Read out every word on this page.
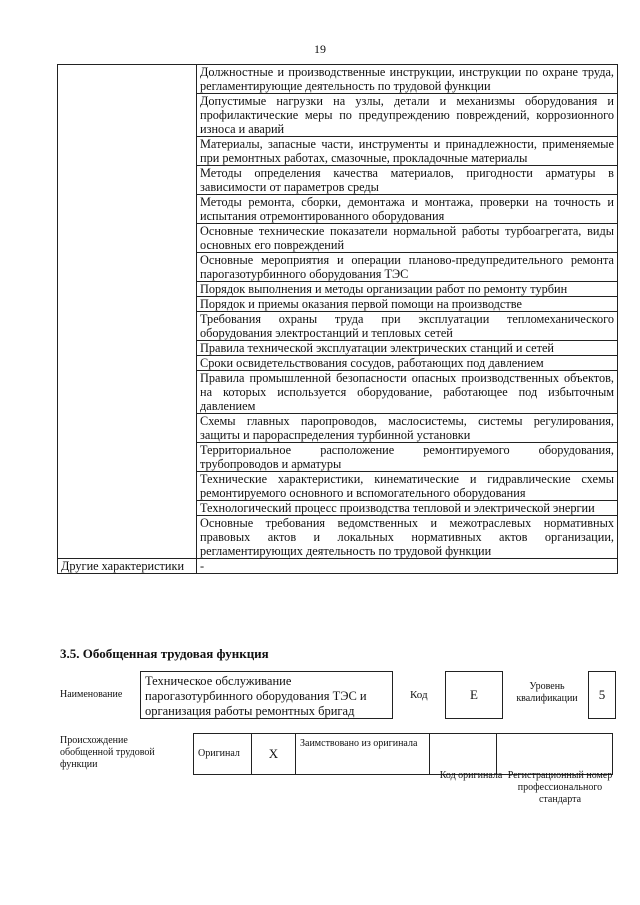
19
	Должностные и производственные инструкции, инструкции по охране труда, регламентирующие деятельность по трудовой функции
	Допустимые нагрузки на узлы, детали и механизмы оборудования и профилактические меры по предупреждению повреждений, коррозионного износа и аварий
	Материалы, запасные части, инструменты и принадлежности, применяемые при ремонтных работах, смазочные, прокладочные материалы
	Методы определения качества материалов, пригодности арматуры в зависимости от параметров среды
	Методы ремонта, сборки, демонтажа и монтажа, проверки на точность и испытания отремонтированного оборудования
	Основные технические показатели нормальной работы турбоагрегата, виды основных его повреждений
	Основные мероприятия и операции планово-предупредительного ремонта парогазотурбинного оборудования ТЭС
	Порядок выполнения и методы организации работ по ремонту турбин
	Порядок и приемы оказания первой помощи на производстве
	Требования охраны труда при эксплуатации тепломеханического оборудования электростанций и тепловых сетей
	Правила технической эксплуатации электрических станций и сетей
	Сроки освидетельствования сосудов, работающих под давлением
	Правила промышленной безопасности опасных производственных объектов, на которых используется оборудование, работающее под избыточным давлением
	Схемы главных паропроводов, маслосистемы, системы регулирования, защиты и парораспределения турбинной установки
	Территориальное расположение ремонтируемого оборудования, трубопроводов и арматуры
	Технические характеристики, кинематические и гидравлические схемы ремонтируемого основного и вспомогательного оборудования
	Технологический процесс производства тепловой и электрической энергии
	Основные требования ведомственных и межотраслевых нормативных правовых актов и локальных нормативных актов организации, регламентирующих деятельность по трудовой функции
Другие характеристики	-
3.5. Обобщенная трудовая функция
Наименование
Техническое обслуживание парогазотурбинного оборудования ТЭС и организация работы ремонтных бригад
Код	E
Уровень квалификации	5
Происхождение обобщенной трудовой функции
Оригинал	X	Заимствовано из оригинала		
Код оригинала Регистрационный номер профессионального стандарта
